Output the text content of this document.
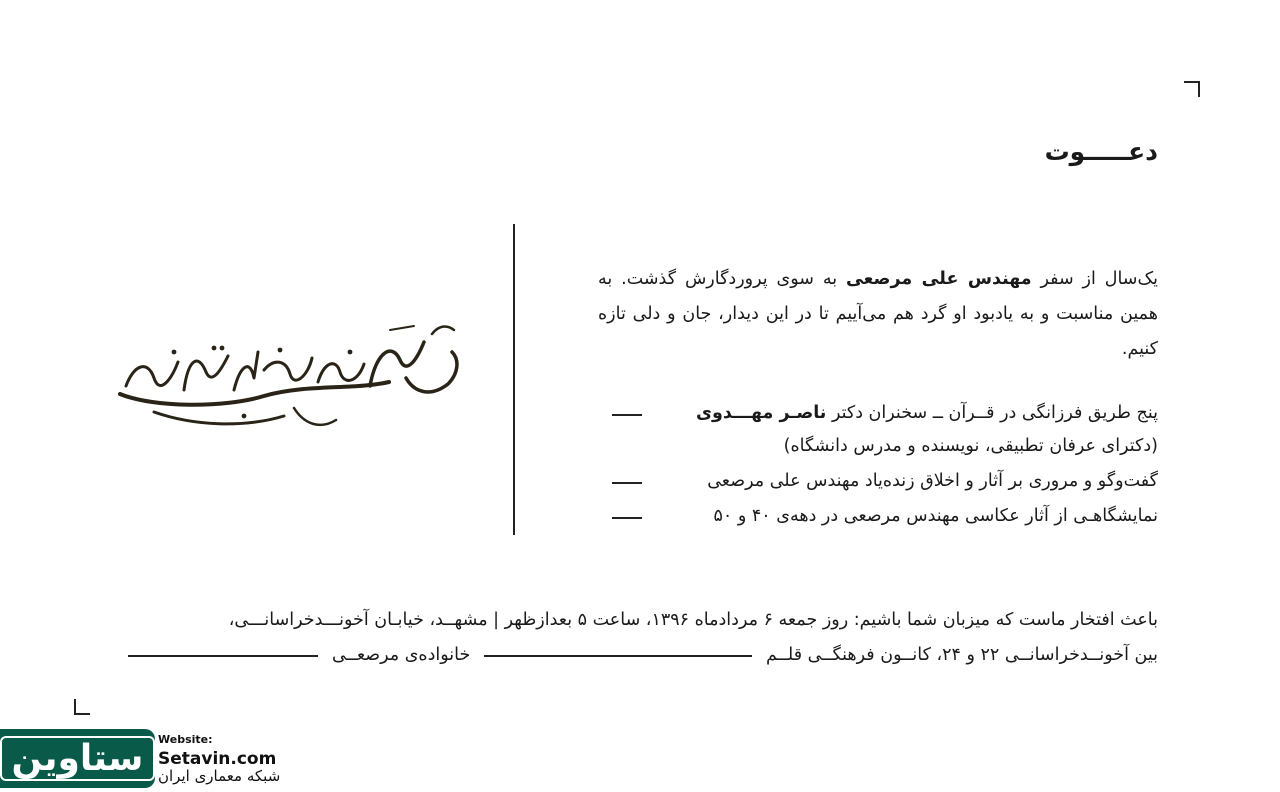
دعـــــوت
نخستین یادبود استاد مهندس علی مرصعی
یک‌سال از سفر مهندس علی مرصعی به سوی پروردگارش گذشت. به همین مناسبت و به یادبود او گرد هم می‌آییم تا در این دیدار، جان و دلی تازه کنیم.
پنج طریق فرزانگی در قــرآن ــ سخنران دکتر ناصـر مهـــدوی
(دکترای عرفان تطبیقی، نویسنده و مدرس دانشگاه)
گفت‌وگو و مروری بر آثار و اخلاق زنده‌یاد مهندس علی مرصعی
نمایشگاهـی از آثار عکاسی مهندس مرصعی در دهه‌ی ۴۰ و ۵۰
باعث افتخار ماست که میزبان شما باشیم: روز جمعه ۶ مردادماه ۱۳۹۶، ساعت ۵ بعدازظهر | مشهــد، خیابـان آخونـــدخراسانـــی،
بین آخونــدخراسانــی ۲۲ و ۲۴، کانــون فرهنگــی قلــم
خانواده‌ی مرصعــی
ستاوین	Website:
Setavin.com
شبکه معماری ایران
